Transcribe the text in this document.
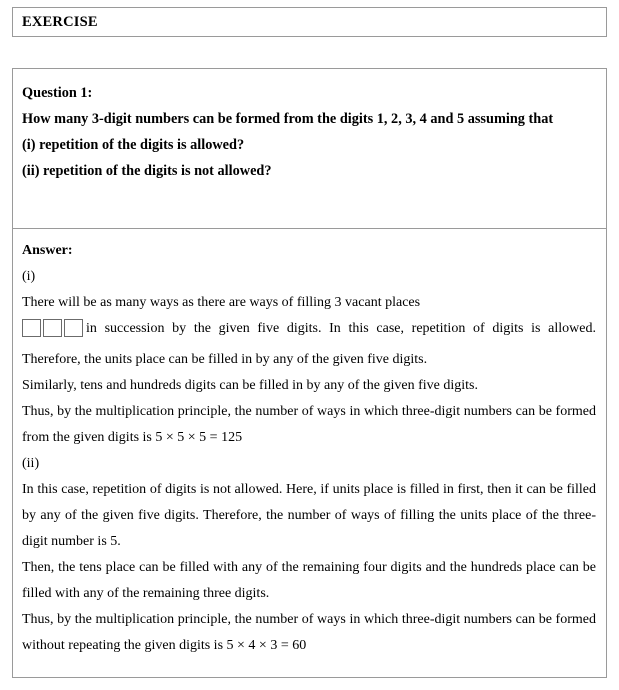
EXERCISE

Question 1:

How many 3-digit numbers can be formed from the digits 1, 2, 3, 4 and 5 assuming that

(i) repetition of the digits is allowed?

(ii) repetition of the digits is not allowed?

Answer:

(i)

There will be as many ways as there are ways of filling 3 vacant places

in succession by the given five digits. In this case, repetition of digits is allowed. Therefore, the units place can be filled in by any of the given five digits.

Similarly, tens and hundreds digits can be filled in by any of the given five digits.

Thus, by the multiplication principle, the number of ways in which three-digit numbers can be formed from the given digits is 5 × 5 × 5 = 125

(ii)

In this case, repetition of digits is not allowed. Here, if units place is filled in first, then it can be filled by any of the given five digits. Therefore, the number of ways of filling the units place of the three-digit number is 5.

Then, the tens place can be filled with any of the remaining four digits and the hundreds place can be filled with any of the remaining three digits.

Thus, by the multiplication principle, the number of ways in which three-digit numbers can be formed without repeating the given digits is 5 × 4 × 3 = 60
